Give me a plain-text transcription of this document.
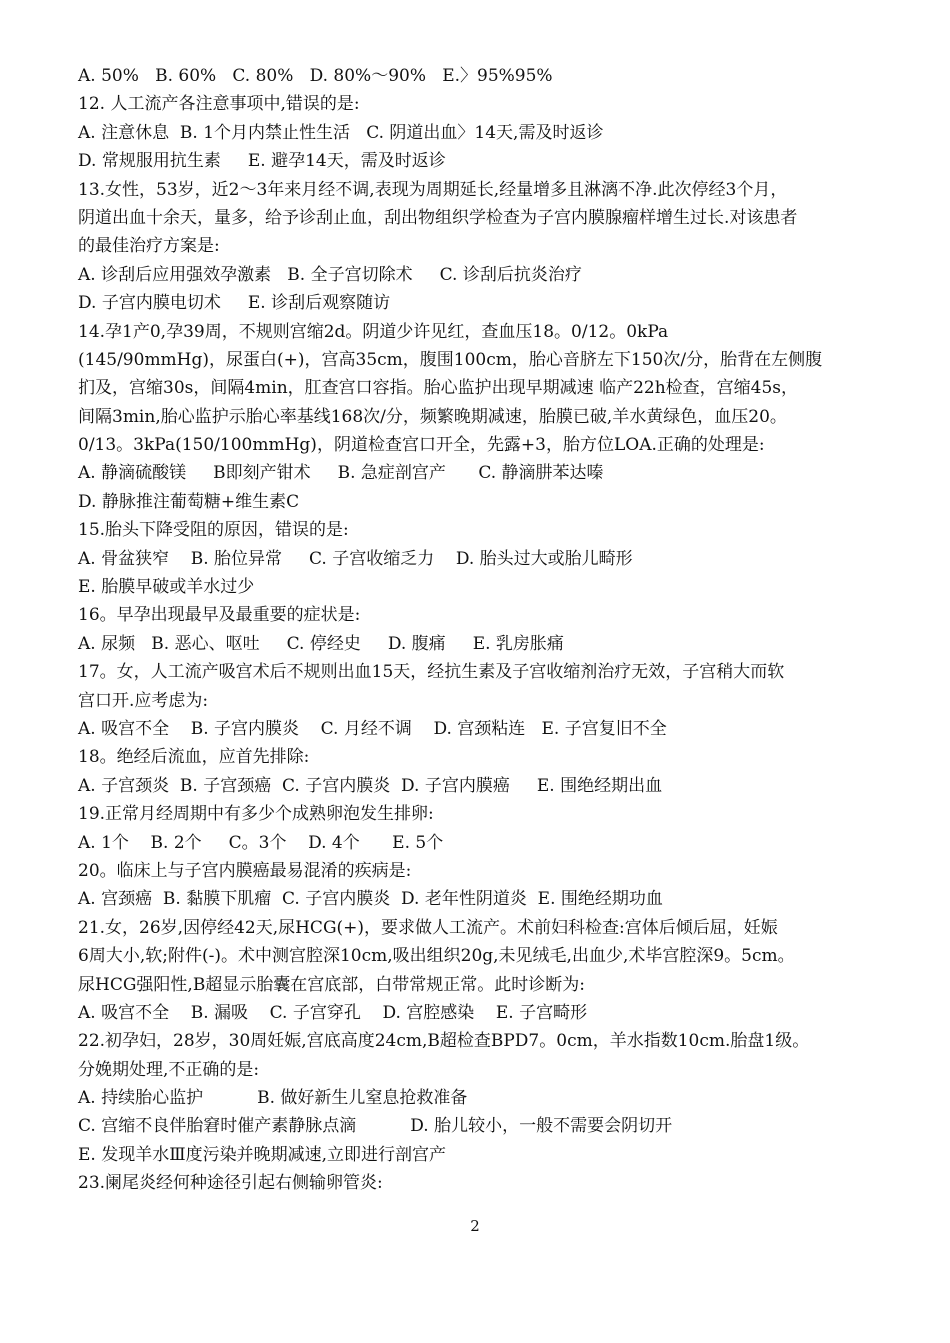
A. 50%   B. 60%   C. 80%   D. 80%～90%   E.〉95%95%
12. 人工流产各注意事项中,错误的是:
A. 注意休息  B. 1个月内禁止性生活   C. 阴道出血〉14天,需及时返诊
D. 常规服用抗生素     E. 避孕14天，需及时返诊
13.女性，53岁，近2～3年来月经不调,表现为周期延长,经量增多且淋漓不净.此次停经3个月，
阴道出血十余天，量多，给予诊刮止血，刮出物组织学检查为子宫内膜腺瘤样增生过长.对该患者
的最佳治疗方案是:
A. 诊刮后应用强效孕激素   B. 全子宫切除术     C. 诊刮后抗炎治疗
D. 子宫内膜电切术     E. 诊刮后观察随访
14.孕1产0,孕39周，不规则宫缩2d。阴道少许见红，查血压18。0/12。0kPa
(145/90mmHg)，尿蛋白(+)，宫高35cm，腹围100cm，胎心音脐左下150次/分，胎背在左侧腹
扪及，宫缩30s，间隔4min，肛查宫口容指。胎心监护出现早期减速 临产22h检查，宫缩45s，
间隔3min,胎心监护示胎心率基线168次/分，频繁晚期减速，胎膜已破,羊水黄绿色，血压20。
0/13。3kPa(150/100mmHg)，阴道检查宫口开全，先露+3，胎方位LOA.正确的处理是:
A. 静滴硫酸镁     B即刻产钳术     B. 急症剖宫产      C. 静滴肼苯达嗪
D. 静脉推注葡萄糖+维生素C
15.胎头下降受阻的原因，错误的是:
A. 骨盆狭窄    B. 胎位异常     C. 子宫收缩乏力    D. 胎头过大或胎儿畸形
E. 胎膜早破或羊水过少
16。早孕出现最早及最重要的症状是:
A. 尿频   B. 恶心、呕吐     C. 停经史     D. 腹痛     E. 乳房胀痛
17。女，人工流产吸宫术后不规则出血15天，经抗生素及子宫收缩剂治疗无效，子宫稍大而软
宫口开.应考虑为:
A. 吸宫不全    B. 子宫内膜炎    C. 月经不调    D. 宫颈粘连   E. 子宫复旧不全
18。绝经后流血，应首先排除:
A. 子宫颈炎  B. 子宫颈癌  C. 子宫内膜炎  D. 子宫内膜癌     E. 围绝经期出血
19.正常月经周期中有多少个成熟卵泡发生排卵:
A. 1个    B. 2个     C。3个    D. 4个      E. 5个
20。临床上与子宫内膜癌最易混淆的疾病是:
A. 宫颈癌  B. 黏膜下肌瘤  C. 子宫内膜炎  D. 老年性阴道炎  E. 围绝经期功血
21.女，26岁,因停经42天,尿HCG(+)，要求做人工流产。术前妇科检查:宫体后倾后屈，妊娠
6周大小,软;附件(-)。术中测宫腔深10cm,吸出组织20g,未见绒毛,出血少,术毕宫腔深9。5cm。
尿HCG强阳性,B超显示胎囊在宫底部，白带常规正常。此时诊断为:
A. 吸宫不全    B. 漏吸    C. 子宫穿孔    D. 宫腔感染    E. 子宫畸形
22.初孕妇，28岁，30周妊娠,宫底高度24cm,B超检查BPD7。0cm，羊水指数10cm.胎盘1级。
分娩期处理,不正确的是:
A. 持续胎心监护          B. 做好新生儿窒息抢救准备
C. 宫缩不良伴胎窘时催产素静脉点滴          D. 胎儿较小，一般不需要会阴切开
E. 发现羊水Ⅲ度污染并晚期减速,立即进行剖宫产
23.阑尾炎经何种途径引起右侧输卵管炎:
2
